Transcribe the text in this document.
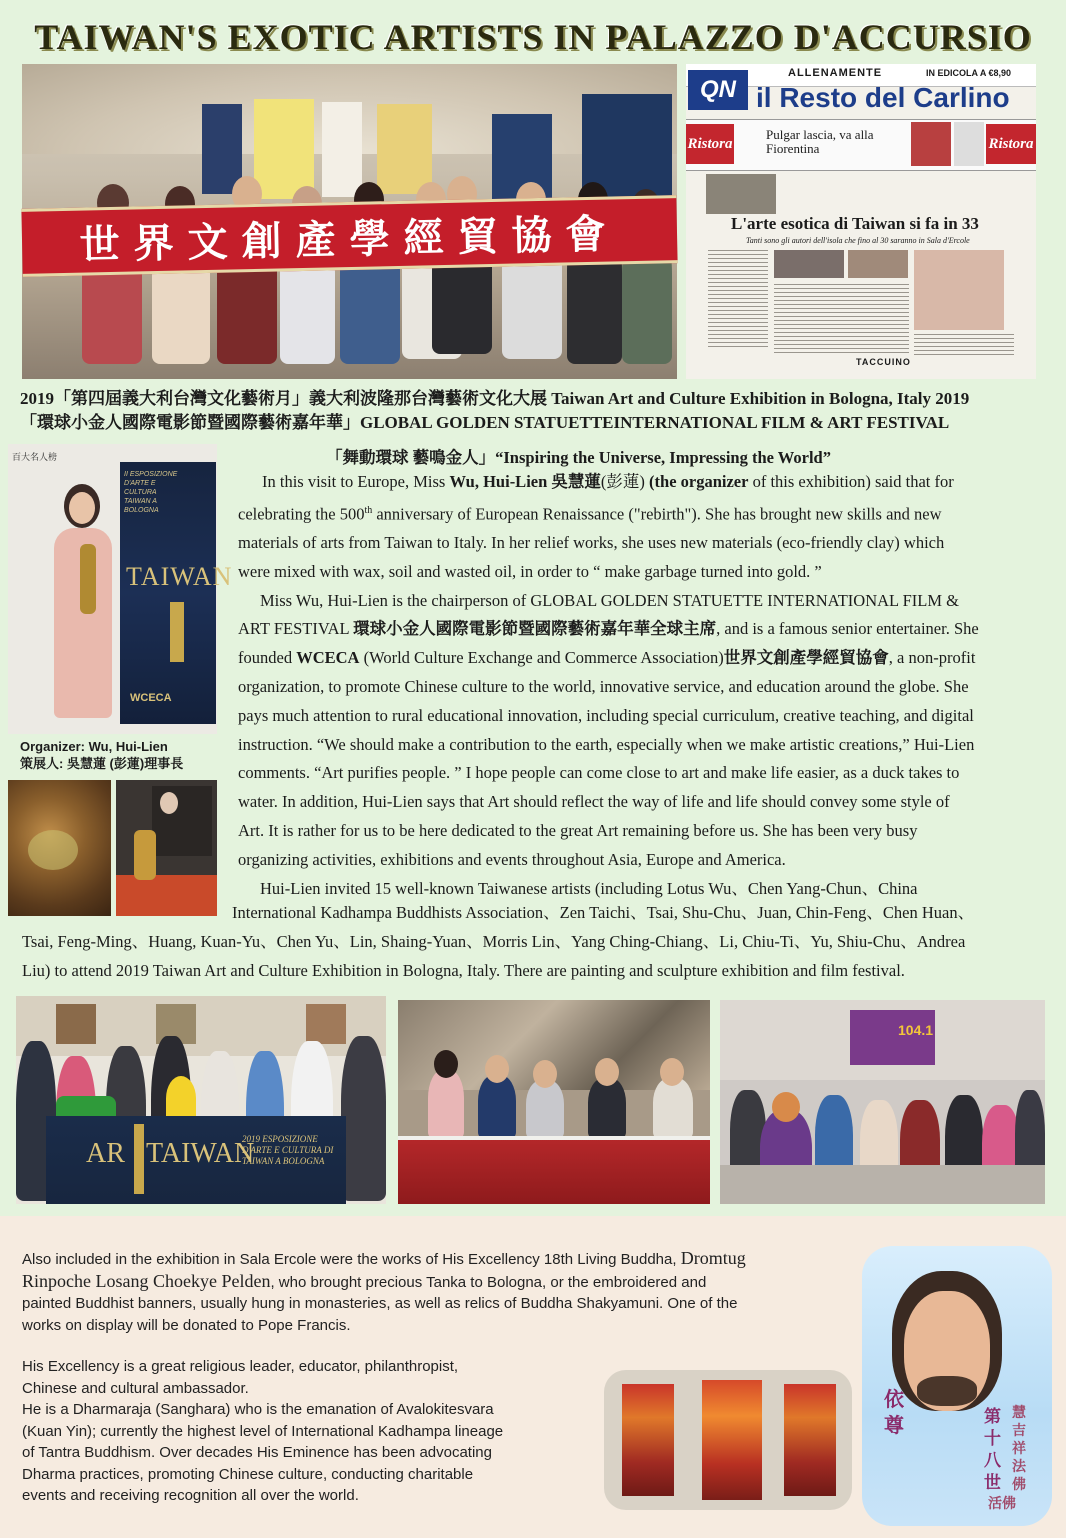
TAIWAN'S EXOTIC ARTISTS IN PALAZZO D'ACCURSIO
世界文創產學經貿協會
ALLENAMENTE	IN EDICOLA A €8,90
QN il Resto del Carlino
Ristora
Pulgar lascia, va alla Fiorentina	Ristora
L'arte esotica di Taiwan si fa in 33
Tanti sono gli autori dell'isola che fino al 30 saranno in Sala d'Ercole
TACCUINO
2019「第四屆義大利台灣文化藝術月」義大利波隆那台灣藝術文化大展 Taiwan Art and Culture Exhibition in Bologna, Italy 2019
「環球小金人國際電影節暨國際藝術嘉年華」GLOBAL GOLDEN STATUETTEINTERNATIONAL FILM & ART FESTIVAL
百大名人榜
II ESPOSIZIONE D'ARTE E CULTURA TAIWAN A BOLOGNA
TAIWAN
WCECA
Organizer: Wu, Hui-Lien
策展人: 吳慧蓮 (彭蓮)理事長
「舞動環球 藝鳴金人」“Inspiring the Universe, Impressing the World”
In this visit to Europe, Miss Wu, Hui-Lien 吳慧蓮(彭蓮) (the organizer of this exhibition) said that for
celebrating the 500th anniversary of European Renaissance ("rebirth"). She has brought new skills and new
materials of arts from Taiwan to Italy. In her relief works, she uses new materials (eco-friendly clay) which
were mixed with wax, soil and wasted oil, in order to “ make garbage turned into gold. ”
Miss Wu, Hui-Lien is the chairperson of GLOBAL GOLDEN STATUETTE INTERNATIONAL FILM &
ART FESTIVAL 環球小金人國際電影節暨國際藝術嘉年華全球主席, and is a famous senior entertainer. She
founded WCECA (World Culture Exchange and Commerce Association)世界文創產學經貿協會, a non-profit
organization, to promote Chinese culture to the world, innovative service, and education around the globe. She
pays much attention to rural educational innovation, including special curriculum, creative teaching, and digital
instruction. “We should make a contribution to the earth, especially when we make artistic creations,” Hui-Lien
comments. “Art purifies people. ” I hope people can come close to art and make life easier, as a duck takes to
water. In addition, Hui-Lien says that Art should reflect the way of life and life should convey some style of
Art. It is rather for us to be here dedicated to the great Art remaining before us. She has been very busy
organizing activities, exhibitions and events throughout Asia, Europe and America.
Hui-Lien invited 15 well-known Taiwanese artists (including Lotus Wu、Chen Yang-Chun、China
International Kadhampa Buddhists Association、Zen Taichi、Tsai, Shu-Chu、Juan, Chin-Feng、Chen Huan、
Tsai, Feng-Ming、Huang, Kuan-Yu、Chen Yu、Lin, Shaing-Yuan、Morris Lin、Yang Ching-Chiang、Li, Chiu-Ti、Yu, Shiu-Chu、Andrea
Liu) to attend 2019 Taiwan Art and Culture Exhibition in Bologna, Italy. There are painting and sculpture exhibition and film festival.
AR TAIWAN
2019 ESPOSIZIONE D'ARTE E CULTURA DI TAIWAN A BOLOGNA
104.1
Also included in the exhibition in Sala Ercole were the works of His Excellency 18th Living Buddha, Dromtug
Rinpoche Losang Choekye Pelden, who brought precious Tanka to Bologna, or the embroidered and
painted Buddhist banners, usually hung in monasteries, as well as relics of Buddha Shakyamuni. One of the
works on display will be donated to Pope Francis.
His Excellency is a great religious leader, educator, philanthropist,
Chinese and cultural ambassador.
He is a Dharmaraja (Sanghara) who is the emanation of Avalokitesvara
(Kuan Yin); currently the highest level of International Kadhampa lineage
of Tantra Buddhism. Over decades His Eminence has been advocating
Dharma practices, promoting Chinese culture, conducting charitable
events and receiving recognition all over the world.
依尊	第十八世
慧吉祥法佛
活佛
